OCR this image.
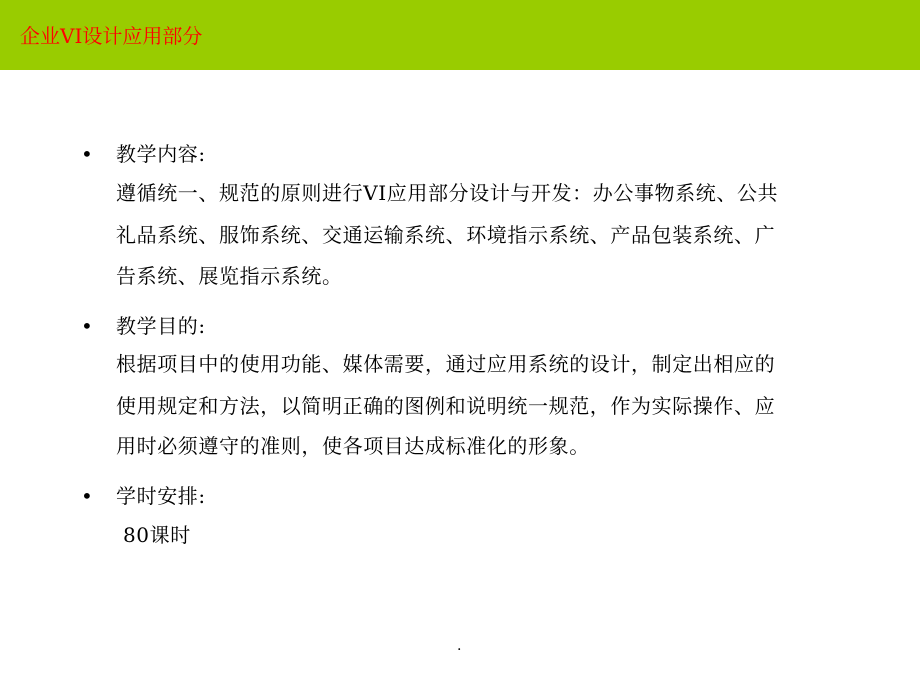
企业VI设计应用部分
• 教学内容:
遵循统一、规范的原则进行VI应用部分设计与开发：办公事物系统、公共
礼品系统、服饰系统、交通运输系统、环境指示系统、产品包装系统、广
告系统、展览指示系统。
• 教学目的:
根据项目中的使用功能、媒体需要，通过应用系统的设计，制定出相应的
使用规定和方法，以简明正确的图例和说明统一规范，作为实际操作、应
用时必须遵守的准则，使各项目达成标准化的形象。
• 学时安排:
80课时
.
